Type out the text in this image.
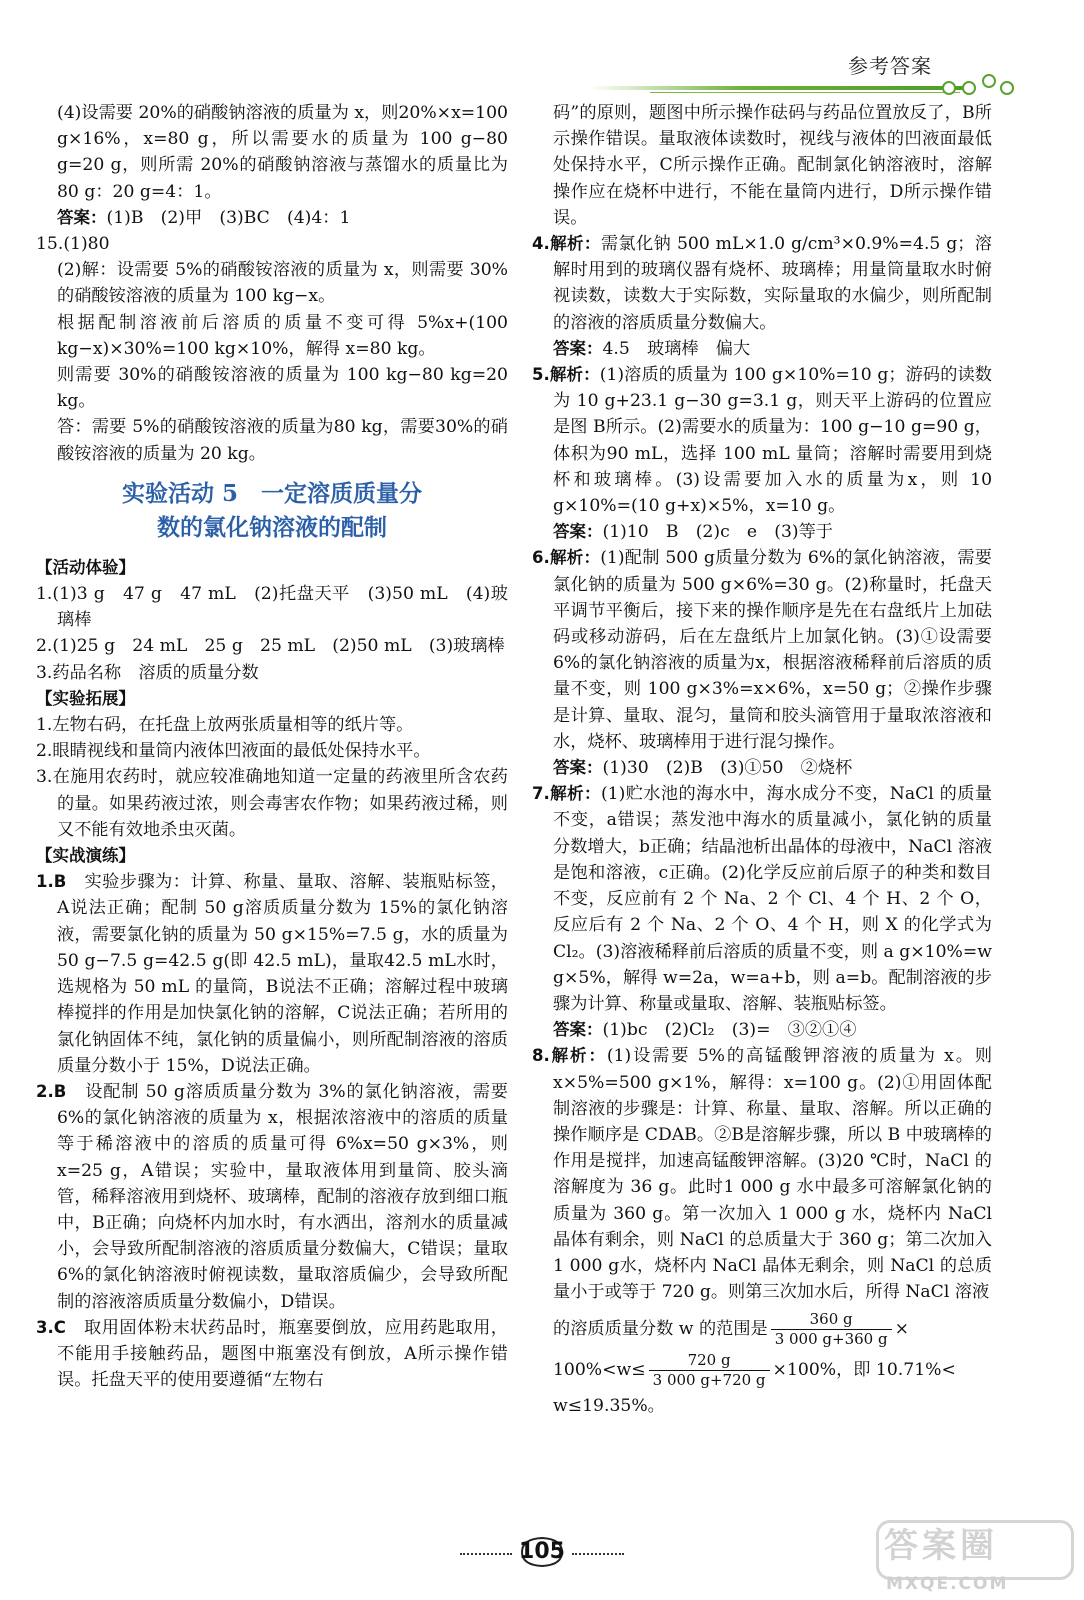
参考答案

(4)设需要 20%的硝酸钠溶液的质量为 x，则20%×x=100 g×16%，x=80 g，所以需要水的质量为 100 g−80 g=20 g，则所需 20%的硝酸钠溶液与蒸馏水的质量比为 80 g：20 g=4：1。

答案：(1)B　(2)甲　(3)BC　(4)4：1

15.(1)80

(2)解：设需要 5%的硝酸铵溶液的质量为 x，则需要 30%的硝酸铵溶液的质量为 100 kg−x。

根据配制溶液前后溶质的质量不变可得 5%x+(100 kg−x)×30%=100 kg×10%，解得 x=80 kg。

则需要 30%的硝酸铵溶液的质量为 100 kg−80 kg=20 kg。

答：需要 5%的硝酸铵溶液的质量为80 kg，需要30%的硝酸铵溶液的质量为 20 kg。

实验活动 5　一定溶质质量分
数的氯化钠溶液的配制

【活动体验】

1.(1)3 g　47 g　47 mL　(2)托盘天平　(3)50 mL　(4)玻璃棒

2.(1)25 g　24 mL　25 g　25 mL　(2)50 mL　(3)玻璃棒

3.药品名称　溶质的质量分数

【实验拓展】

1.左物右码，在托盘上放两张质量相等的纸片等。

2.眼睛视线和量筒内液体凹液面的最低处保持水平。

3.在施用农药时，就应较准确地知道一定量的药液里所含农药的量。如果药液过浓，则会毒害农作物；如果药液过稀，则又不能有效地杀虫灭菌。

【实战演练】

1.B　实验步骤为：计算、称量、量取、溶解、装瓶贴标签，A说法正确；配制 50 g溶质质量分数为 15%的氯化钠溶液，需要氯化钠的质量为 50 g×15%=7.5 g，水的质量为 50 g−7.5 g=42.5 g(即 42.5 mL)，量取42.5 mL水时，选规格为 50 mL 的量筒，B说法不正确；溶解过程中玻璃棒搅拌的作用是加快氯化钠的溶解，C说法正确；若所用的氯化钠固体不纯，氯化钠的质量偏小，则所配制溶液的溶质质量分数小于 15%，D说法正确。

2.B　设配制 50 g溶质质量分数为 3%的氯化钠溶液，需要 6%的氯化钠溶液的质量为 x，根据浓溶液中的溶质的质量等于稀溶液中的溶质的质量可得 6%x=50 g×3%，则 x=25 g，A错误；实验中，量取液体用到量筒、胶头滴管，稀释溶液用到烧杯、玻璃棒，配制的溶液存放到细口瓶中，B正确；向烧杯内加水时，有水洒出，溶剂水的质量减小，会导致所配制溶液的溶质质量分数偏大，C错误；量取 6%的氯化钠溶液时俯视读数，量取溶质偏少，会导致所配制的溶液溶质质量分数偏小，D错误。

3.C　取用固体粉末状药品时，瓶塞要倒放，应用药匙取用，不能用手接触药品，题图中瓶塞没有倒放，A所示操作错误。托盘天平的使用要遵循“左物右

码”的原则，题图中所示操作砝码与药品位置放反了，B所示操作错误。量取液体读数时，视线与液体的凹液面最低处保持水平，C所示操作正确。配制氯化钠溶液时，溶解操作应在烧杯中进行，不能在量筒内进行，D所示操作错误。

4.解析：需氯化钠 500 mL×1.0 g/cm³×0.9%=4.5 g；溶解时用到的玻璃仪器有烧杯、玻璃棒；用量筒量取水时俯视读数，读数大于实际数，实际量取的水偏少，则所配制的溶液的溶质质量分数偏大。

答案：4.5　玻璃棒　偏大

5.解析：(1)溶质的质量为 100 g×10%=10 g；游码的读数为 10 g+23.1 g−30 g=3.1 g，则天平上游码的位置应是图 B所示。(2)需要水的质量为：100 g−10 g=90 g，体积为90 mL，选择 100 mL 量筒；溶解时需要用到烧杯和玻璃棒。(3)设需要加入水的质量为x，则 10 g×10%=(10 g+x)×5%，x=10 g。

答案：(1)10　B　(2)c　e　(3)等于

6.解析：(1)配制 500 g质量分数为 6%的氯化钠溶液，需要氯化钠的质量为 500 g×6%=30 g。(2)称量时，托盘天平调节平衡后，接下来的操作顺序是先在右盘纸片上加砝码或移动游码，后在左盘纸片上加氯化钠。(3)①设需要 6%的氯化钠溶液的质量为x，根据溶液稀释前后溶质的质量不变，则 100 g×3%=x×6%，x=50 g；②操作步骤是计算、量取、混匀，量筒和胶头滴管用于量取浓溶液和水，烧杯、玻璃棒用于进行混匀操作。

答案：(1)30　(2)B　(3)①50　②烧杯

7.解析：(1)贮水池的海水中，海水成分不变，NaCl 的质量不变，a错误；蒸发池中海水的质量减小，氯化钠的质量分数增大，b正确；结晶池析出晶体的母液中，NaCl 溶液是饱和溶液，c正确。(2)化学反应前后原子的种类和数目不变，反应前有 2 个 Na、2 个 Cl、4 个 H、2 个 O，反应后有 2 个 Na、2 个 O、4 个 H，则 X 的化学式为 Cl₂。(3)溶液稀释前后溶质的质量不变，则 a g×10%=w g×5%，解得 w=2a，w=a+b，则 a=b。配制溶液的步骤为计算、称量或量取、溶解、装瓶贴标签。

答案：(1)bc　(2)Cl₂　(3)=　③②①④

8.解析：(1)设需要 5%的高锰酸钾溶液的质量为 x。则 x×5%=500 g×1%，解得：x=100 g。(2)①用固体配制溶液的步骤是：计算、称量、量取、溶解。所以正确的操作顺序是 CDAB。②B是溶解步骤，所以 B 中玻璃棒的作用是搅拌，加速高锰酸钾溶解。(3)20 ℃时，NaCl 的溶解度为 36 g。此时1 000 g 水中最多可溶解氯化钠的质量为 360 g。第一次加入 1 000 g 水，烧杯内 NaCl 晶体有剩余，则 NaCl 的总质量大于 360 g；第二次加入 1 000 g水，烧杯内 NaCl 晶体无剩余，则 NaCl 的总质量小于或等于 720 g。则第三次加水后，所得 NaCl 溶液

的溶质质量分数 w 的范围是 $\frac{360 g}{3 000 g+360 g}$ ×

$100\%<w\le \frac{720 g}{3 000 g+720 g} \times 100\%$，即 10.71%<

w≤19.35%。

105	答案圈
MXQE.COM
